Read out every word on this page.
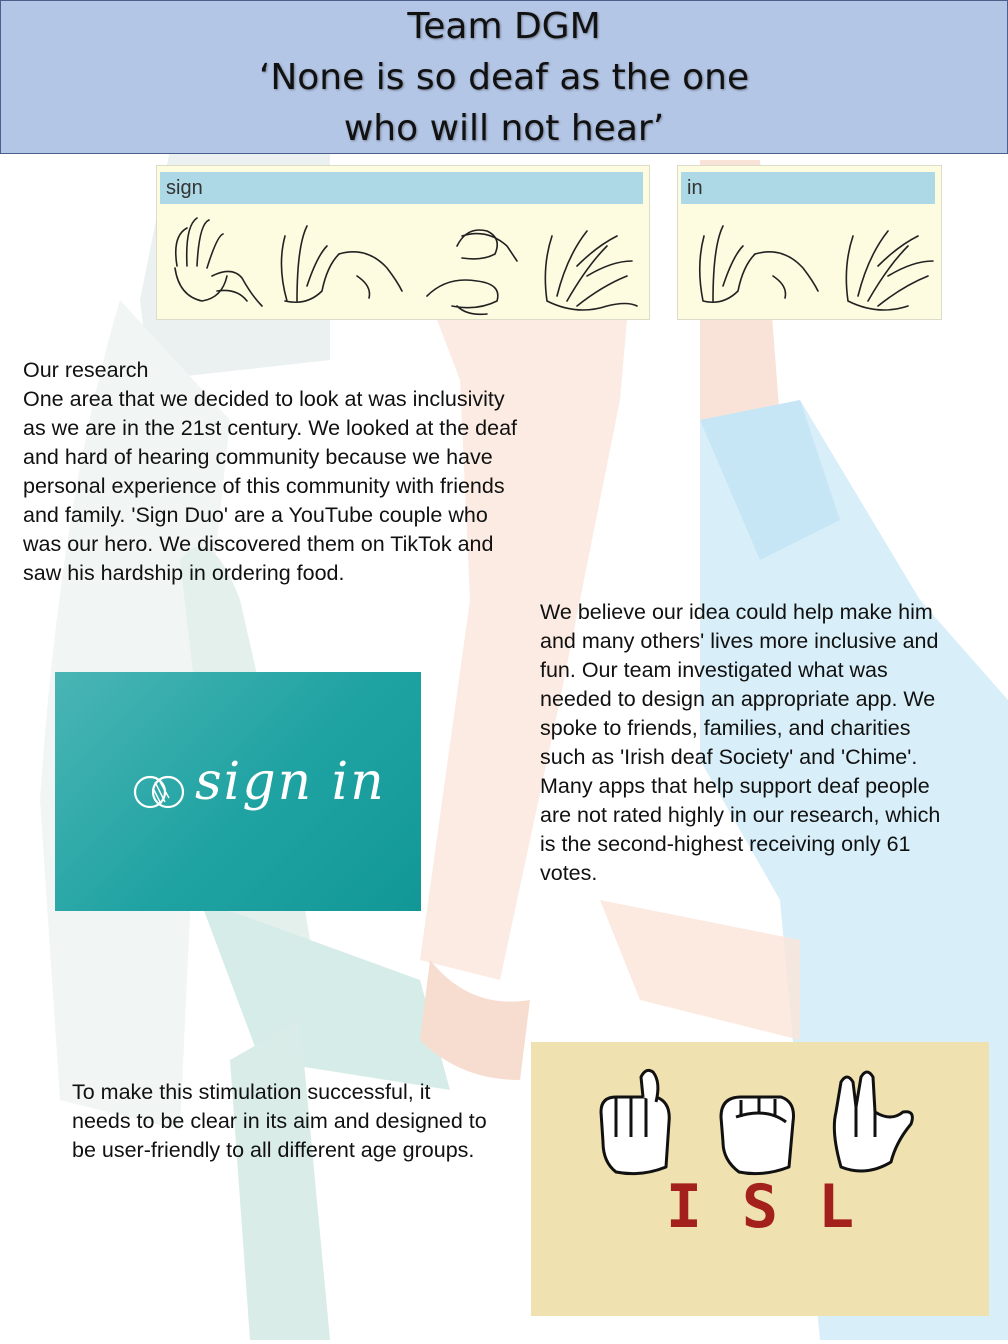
Team DGM
‘None is so deaf as the one
who will not hear’
sign	in
Our research
One area that we decided to look at was inclusivity as we are in the 21st century. We looked at the deaf and hard of hearing community because we have personal experience of this community with friends and family. 'Sign Duo' are a YouTube couple who was our hero. We discovered them on TikTok and saw his hardship in ordering food.
We believe our idea could help make him and many others' lives more inclusive and fun. Our team investigated what was needed to design an appropriate app. We spoke to friends, families, and charities such as 'Irish deaf Society' and 'Chime'. Many apps that help support deaf people are not rated highly in our research, which is the second-highest receiving only 61 votes.
sign in
To make this stimulation successful, it needs to be clear in its aim and designed to be user-friendly to all different age groups.
ISL
